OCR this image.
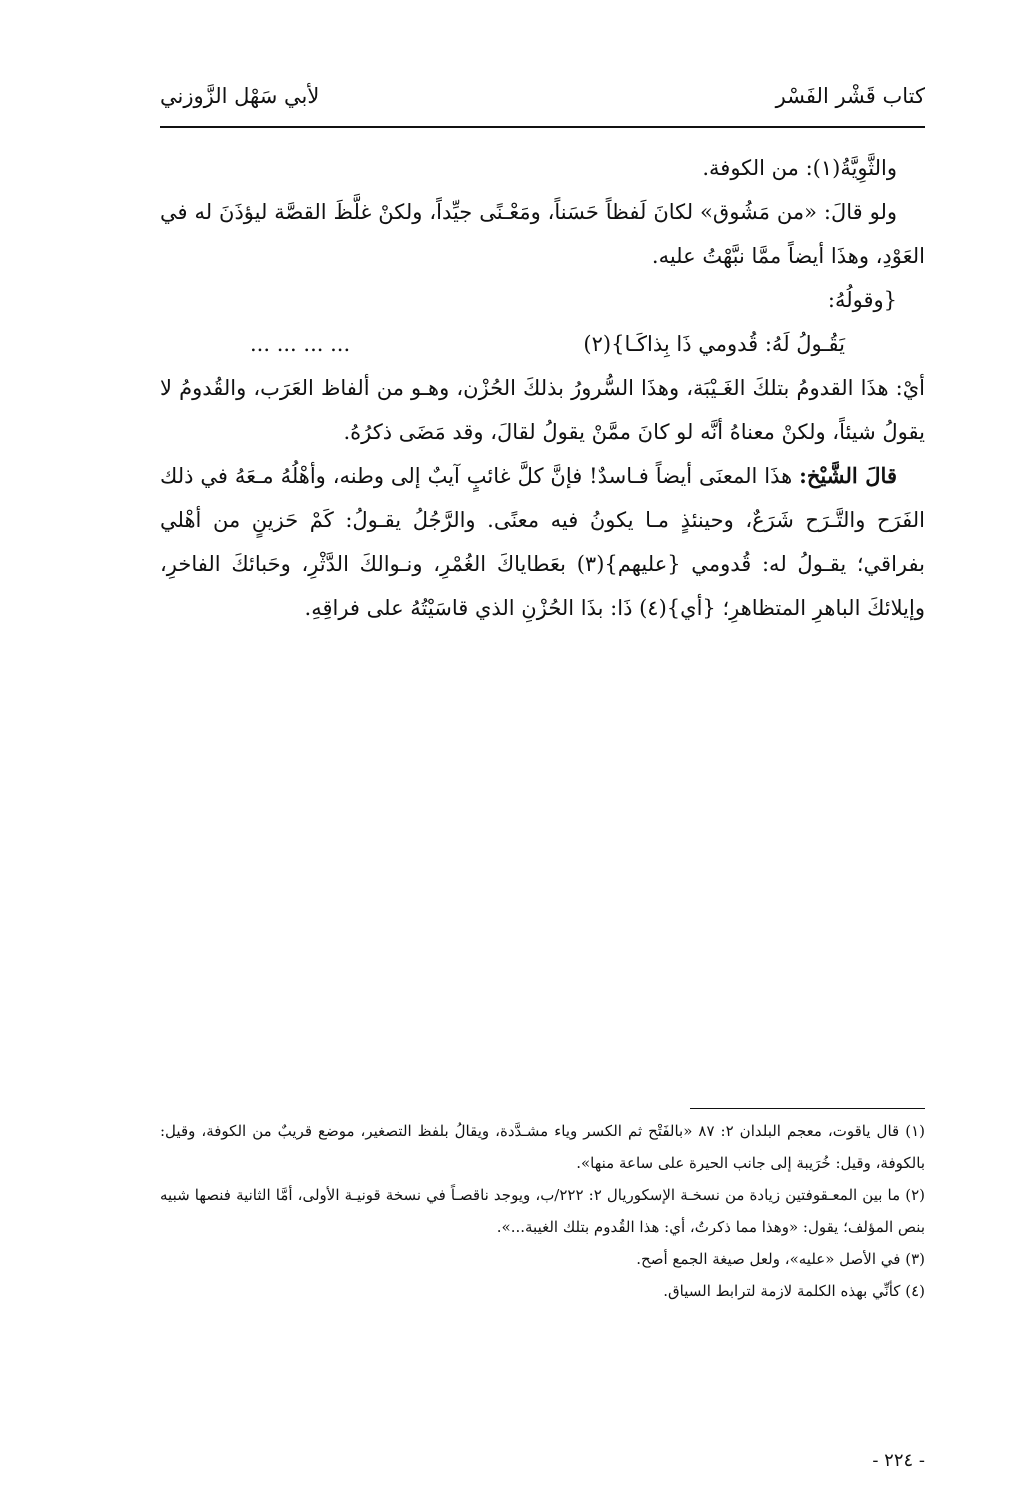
كتاب قَشْر الفَسْر
لأبي سَهْل الزَّوزني

والثَّوِيَّةُ(١): من الكوفة.

ولو قالَ: «من مَشُوق» لكانَ لَفظاً حَسَناً، ومَعْـنًى جيِّداً، ولكنْ غلَّظَ القصَّة ليؤذَنَ له في العَوْدِ، وهذَا أيضاً ممَّا نبَّهْتُ عليه.

{وقولُهُ:

يَقُـولُ لَهُ: قُدومي ذَا بِذاكَـا}(٢)
... ... ... ...

أيْ: هذَا القدومُ بتلكَ الغَـيْبَة، وهذَا السُّرورُ بذلكَ الحُزْن، وهـو من ألفاظ العَرَب، والقُدومُ لا يقولُ شيئاً، ولكنْ معناهُ أنَّه لو كانَ ممَّنْ يقولُ لقالَ، وقد مَضَى ذكرُهُ.

قالَ الشَّيْخ: هذَا المعنَى أيضاً فـاسدٌ! فإنَّ كلَّ غائبٍ آيبٌ إلى وطنه، وأهْلُهُ مـعَهُ في ذلك الفَرَح والتَّـرَح شَرَعٌ، وحينئذٍ مـا يكونُ فيه معنًى. والرَّجُلُ يقـولُ: كَمْ حَزينٍ من أهْلي بفراقي؛ يقـولُ له: قُدومي {عليهم}(٣) بعَطاياكَ الغُمْرِ، ونـوالكَ الدَّثْرِ، وحَبائكَ الفاخرِ، وإيلائكَ الباهرِ المتظاهرِ؛ {أي}(٤) ذَا: بذَا الحُزْنِ الذي قاسَيْتُهُ على فراقِهِ.

(١) قال ياقوت، معجم البلدان ٢: ٨٧ «بالفَتْح ثم الكسر وياء مشـدَّدة، ويقالُ بلفظ التصغير، موضع قريبٌ من الكوفة، وقيل: بالكوفة، وقيل: خُرَيبة إلى جانب الحيرة على ساعة منها».

(٢) ما بين المعـقوفتين زيادة من نسخـة الإسكوريال ٢: ٢٢٢/ب، ويوجد ناقصـاً في نسخة قونيـة الأولى، أمَّا الثانية فنصها شبيه بنص المؤلف؛ يقول: «وهذا مما ذكرتُ، أي: هذا القُدوم بتلك الغيبة...».

(٣) في الأصل «عليه»، ولعل صيغة الجمع أصح.

(٤) كأنِّي بهذه الكلمة لازمة لترابط السياق.

- ٢٢٤ -
